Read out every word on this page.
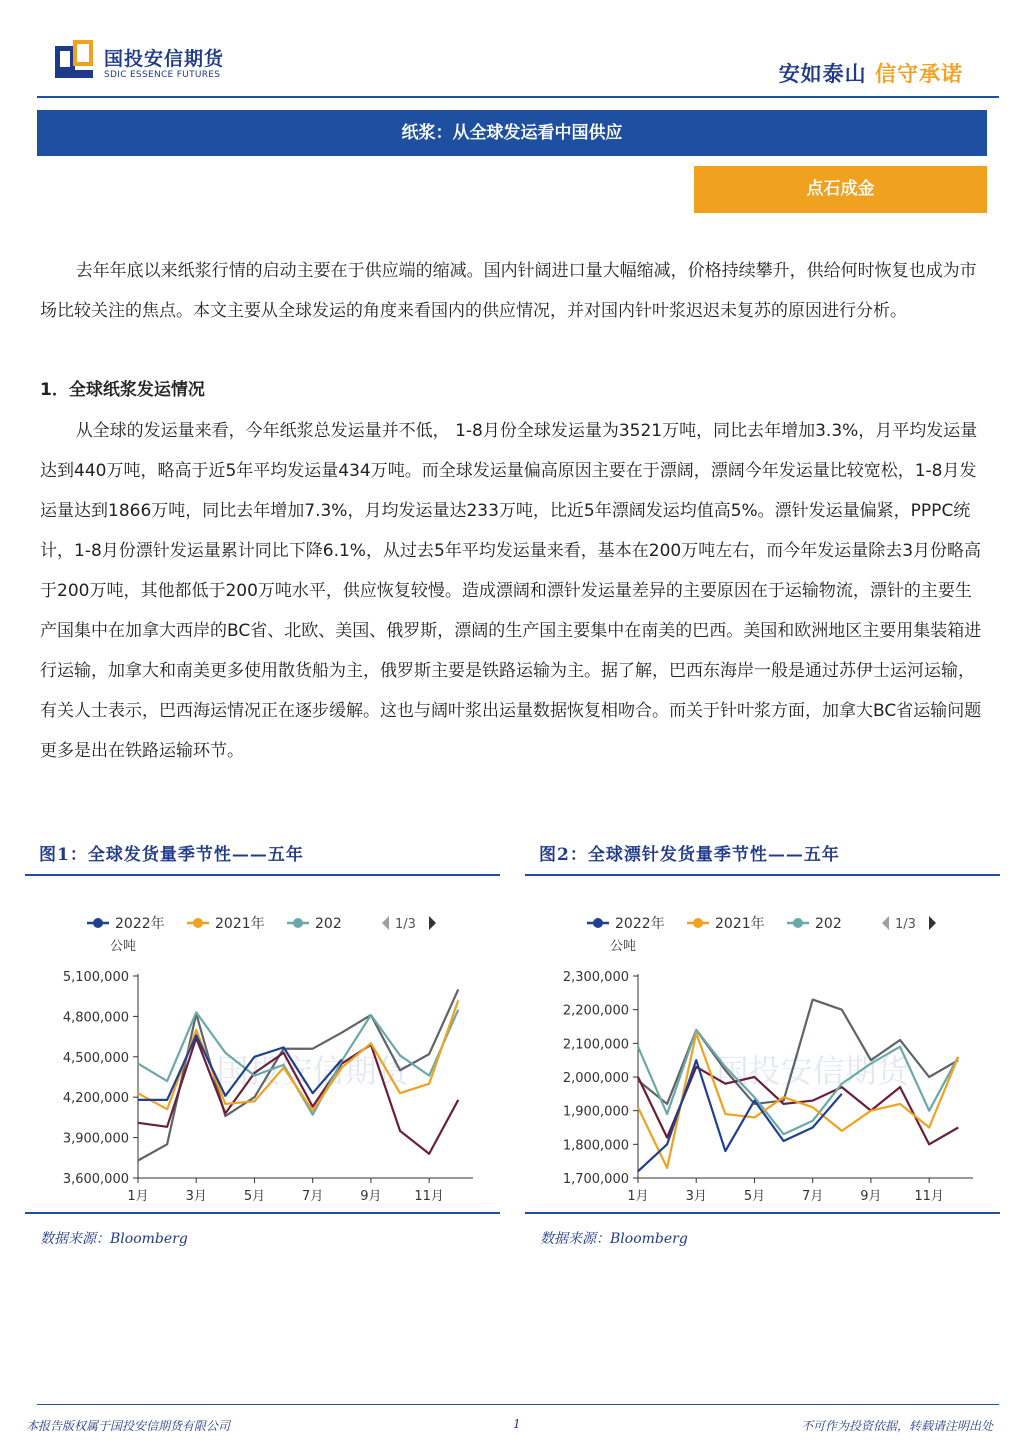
国投安信期货
SDIC ESSENCE FUTURES	安如泰山 信守承诺
纸浆：从全球发运看中国供应
点石成金
去年年底以来纸浆行情的启动主要在于供应端的缩减。国内针阔进口量大幅缩减，价格持续攀升，供给何时恢复也成为市场比较关注的焦点。本文主要从全球发运的角度来看国内的供应情况，并对国内针叶浆迟迟未复苏的原因进行分析。
1．全球纸浆发运情况
从全球的发运量来看，今年纸浆总发运量并不低， 1-8月份全球发运量为3521万吨，同比去年增加3.3%，月平均发运量达到440万吨，略高于近5年平均发运量434万吨。而全球发运量偏高原因主要在于漂阔，漂阔今年发运量比较宽松，1-8月发运量达到1866万吨，同比去年增加7.3%，月均发运量达233万吨，比近5年漂阔发运均值高5%。漂针发运量偏紧，PPPC统计，1-8月份漂针发运量累计同比下降6.1%，从过去5年平均发运量来看，基本在200万吨左右，而今年发运量除去3月份略高于200万吨，其他都低于200万吨水平，供应恢复较慢。造成漂阔和漂针发运量差异的主要原因在于运输物流，漂针的主要生产国集中在加拿大西岸的BC省、北欧、美国、俄罗斯，漂阔的生产国主要集中在南美的巴西。美国和欧洲地区主要用集装箱进行运输，加拿大和南美更多使用散货船为主，俄罗斯主要是铁路运输为主。据了解，巴西东海岸一般是通过苏伊士运河运输，有关人士表示，巴西海运情况正在逐步缓解。这也与阔叶浆出运量数据恢复相吻合。而关于针叶浆方面，加拿大BC省运输问题更多是出在铁路运输环节。
图1：全球发货量季节性——五年
国投安信期货
2022年	2021年	202	1/3
公吨
5,100,000
4,800,000
4,500,000
4,200,000
3,900,000
3,600,000
1月	3月	5月	7月	9月	11月
数据来源：Bloomberg
图2：全球漂针发货量季节性——五年
国投安信期货
2022年	2021年	202	1/3
公吨
2,300,000
2,200,000
2,100,000
2,000,000
1,900,000
1,800,000
1,700,000
1月	3月	5月	7月	9月	11月
数据来源：Bloomberg
本报告版权属于国投安信期货有限公司	1	不可作为投资依据，转载请注明出处
